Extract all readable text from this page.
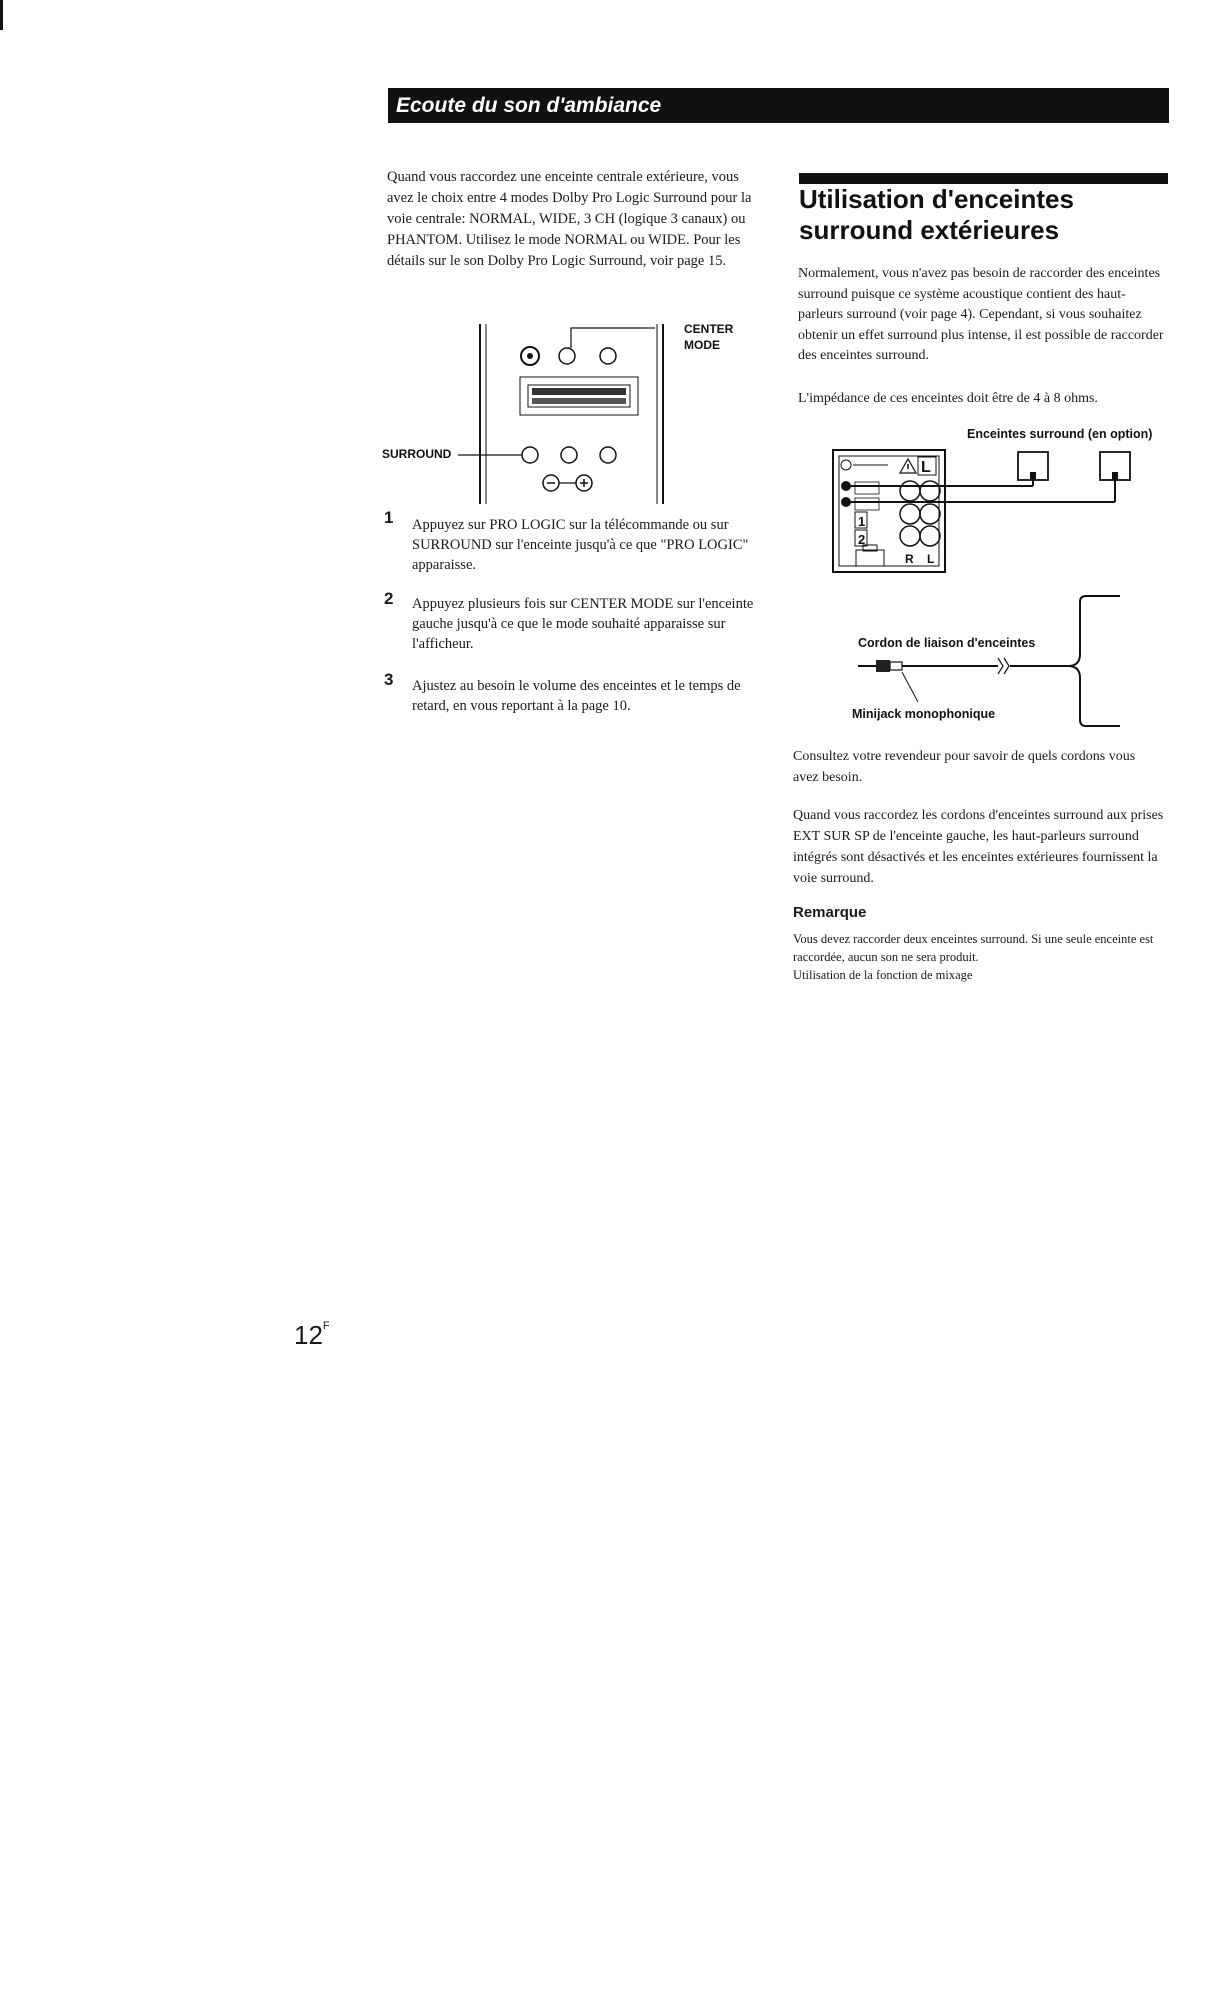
Ecoute du son d'ambiance
Quand vous raccordez une enceinte centrale extérieure, vous avez le choix entre 4 modes Dolby Pro Logic Surround pour la voie centrale: NORMAL, WIDE, 3 CH (logique 3 canaux) ou PHANTOM. Utilisez le mode NORMAL ou WIDE. Pour les détails sur le son Dolby Pro Logic Surround, voir page 15.
CENTER MODE
SURROUND
1 Appuyez sur PRO LOGIC sur la télécommande ou sur SURROUND sur l'enceinte jusqu'à ce que "PRO LOGIC" apparaisse.
2 Appuyez plusieurs fois sur CENTER MODE sur l'enceinte gauche jusqu'à ce que le mode souhaité apparaisse sur l'afficheur.
3 Ajustez au besoin le volume des enceintes et le temps de retard, en vous reportant à la page 10.
Utilisation d'enceintes surround extérieures
Normalement, vous n'avez pas besoin de raccorder des enceintes surround puisque ce système acoustique contient des haut-parleurs surround (voir page 4). Cependant, si vous souhaitez obtenir un effet surround plus intense, il est possible de raccorder des enceintes surround.
L'impédance de ces enceintes doit être de 4 à 8 ohms.
Enceintes surround (en option)
L
1
2
R L
Cordon de liaison d'enceintes
Minijack monophonique
Consultez votre revendeur pour savoir de quels cordons vous avez besoin.
Quand vous raccordez les cordons d'enceintes surround aux prises EXT SUR SP de l'enceinte gauche, les haut-parleurs surround intégrés sont désactivés et les enceintes extérieures fournissent la voie surround.
Remarque
Vous devez raccorder deux enceintes surround. Si une seule enceinte est raccordée, aucun son ne sera produit.
Utilisation de la fonction de mixage
$12^F$
